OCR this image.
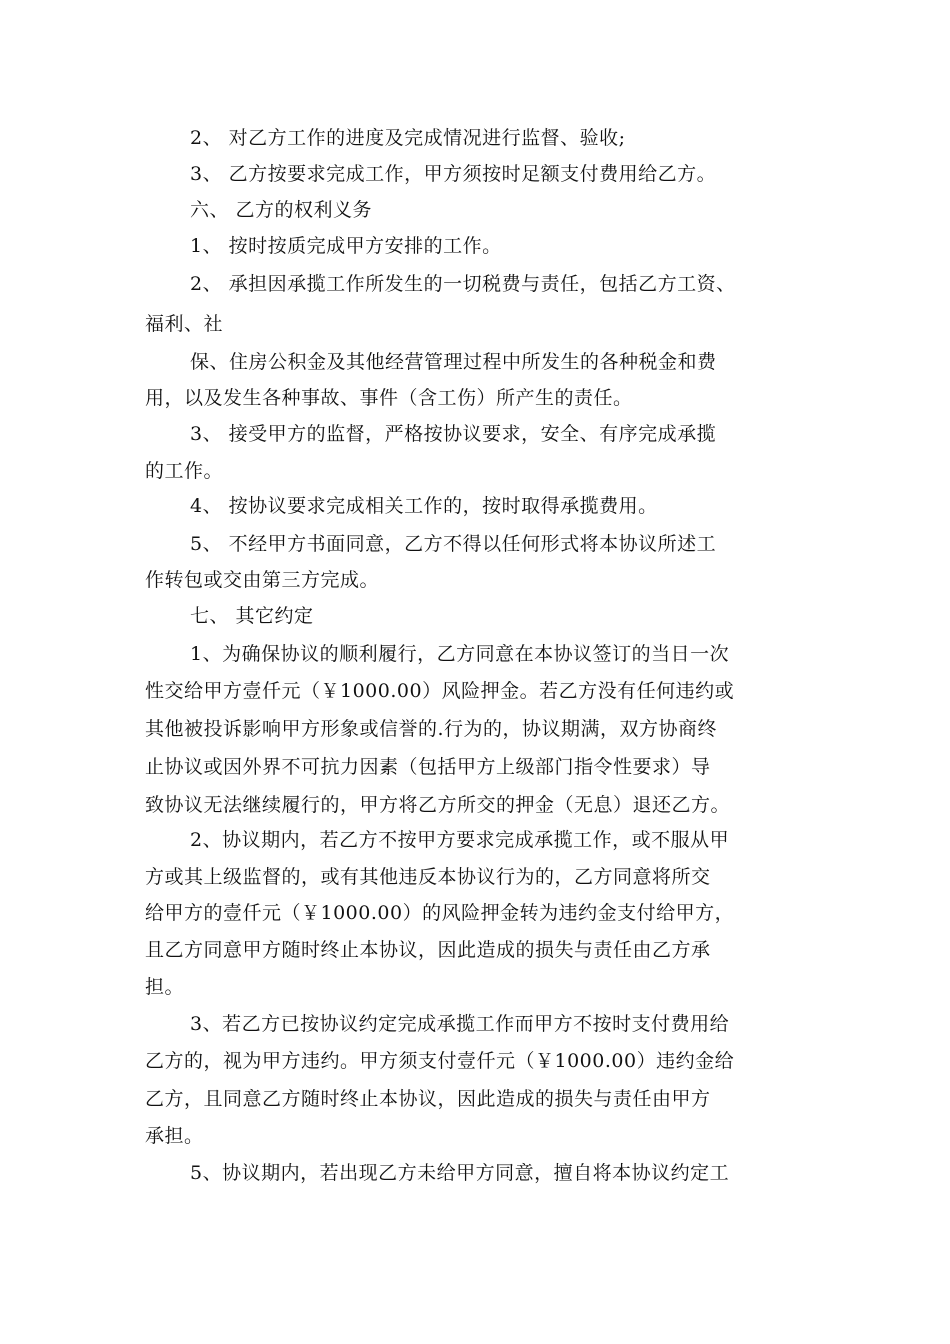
2、 对乙方工作的进度及完成情况进行监督、验收;
3、 乙方按要求完成工作，甲方须按时足额支付费用给乙方。
六、 乙方的权利义务
1、 按时按质完成甲方安排的工作。
2、 承担因承揽工作所发生的一切税费与责任，包括乙方工资、
福利、社
保、住房公积金及其他经营管理过程中所发生的各种税金和费
用，以及发生各种事故、事件（含工伤）所产生的责任。
3、 接受甲方的监督，严格按协议要求，安全、有序完成承揽
的工作。
4、 按协议要求完成相关工作的，按时取得承揽费用。
5、 不经甲方书面同意，乙方不得以任何形式将本协议所述工
作转包或交由第三方完成。
七、 其它约定
1、为确保协议的顺利履行，乙方同意在本协议签订的当日一次
性交给甲方壹仟元（￥1000.00）风险押金。若乙方没有任何违约或
其他被投诉影响甲方形象或信誉的.行为的，协议期满，双方协商终
止协议或因外界不可抗力因素（包括甲方上级部门指令性要求）导
致协议无法继续履行的，甲方将乙方所交的押金（无息）退还乙方。
2、协议期内，若乙方不按甲方要求完成承揽工作，或不服从甲
方或其上级监督的，或有其他违反本协议行为的，乙方同意将所交
给甲方的壹仟元（￥1000.00）的风险押金转为违约金支付给甲方，
且乙方同意甲方随时终止本协议，因此造成的损失与责任由乙方承
担。
3、若乙方已按协议约定完成承揽工作而甲方不按时支付费用给
乙方的，视为甲方违约。甲方须支付壹仟元（￥1000.00）违约金给
乙方，且同意乙方随时终止本协议，因此造成的损失与责任由甲方
承担。
5、协议期内，若出现乙方未给甲方同意，擅自将本协议约定工
